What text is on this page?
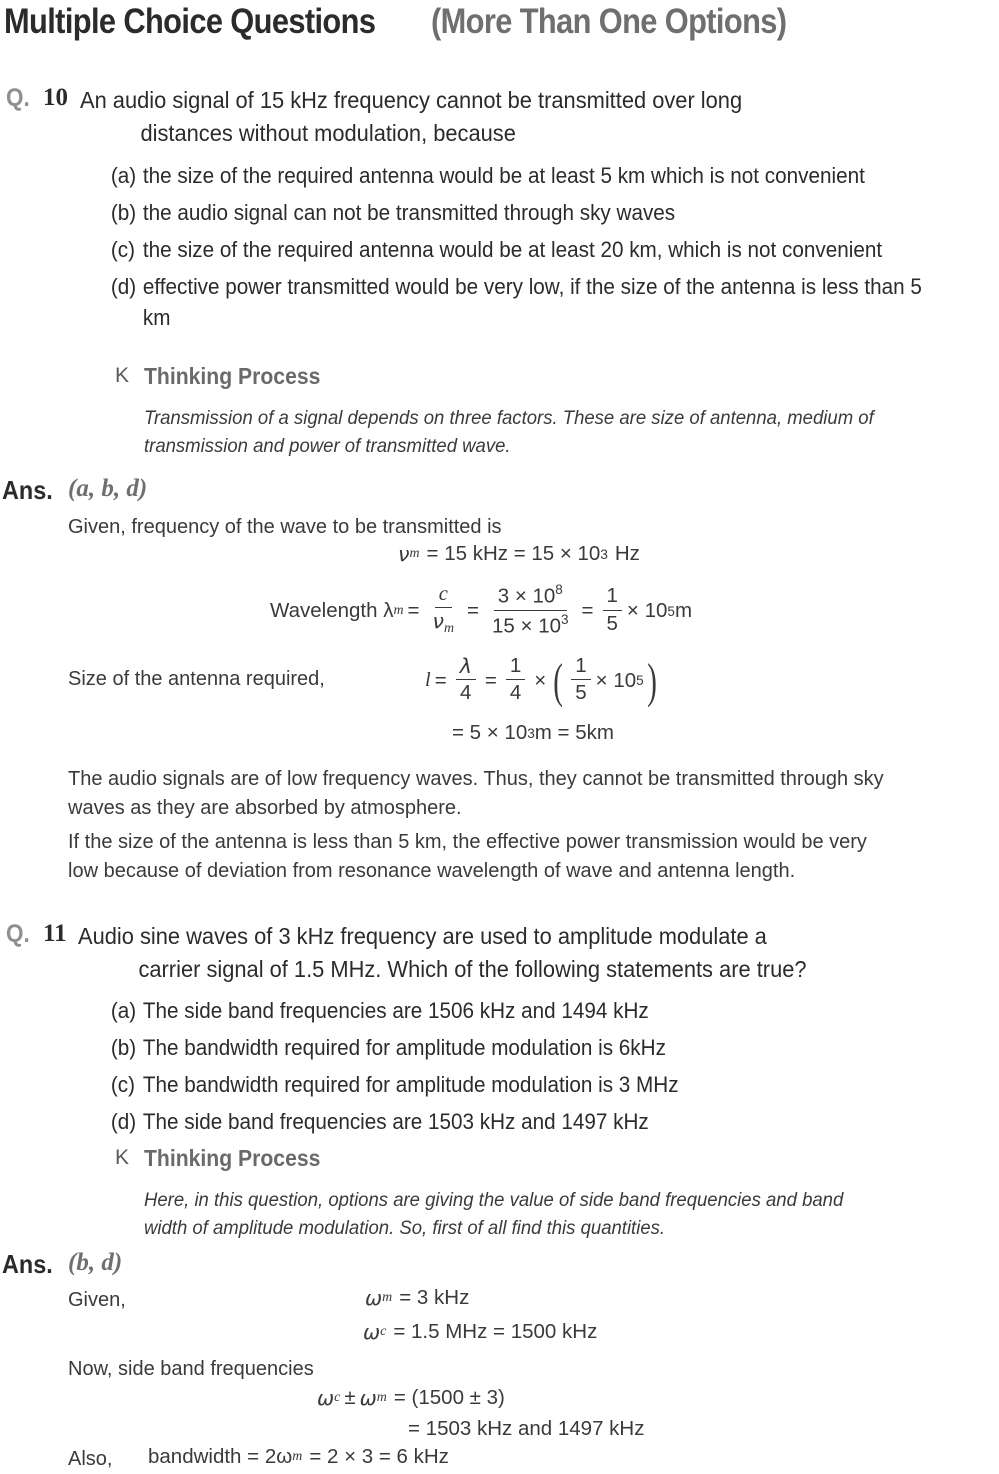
Multiple Choice Questions (More Than One Options)
Q. 10 An audio signal of 15 kHz frequency cannot be transmitted over long
distances without modulation, because
(a) the size of the required antenna would be at least 5 km which is not convenient
(b) the audio signal can not be transmitted through sky waves
(c) the size of the required antenna would be at least 20 km, which is not convenient
(d) effective power transmitted would be very low, if the size of the antenna is less than 5 km
K Thinking Process
Transmission of a signal depends on three factors. These are size of antenna, medium of
transmission and power of transmitted wave.
Ans. (a, b, d)
Given, frequency of the wave to be transmitted is
ν m = 15 kHz = 15 × 10 3 Hz
Wavelength λ $m = \frac{c}{\nu_m} = \frac{3 \times 10^8}{15 \times 10^3} = \frac{1}{5} \times 10$ 5 m
Size of the antenna required,	$l = \frac{\lambda}{4} = \frac{1}{4}$ × ( $\frac{1}{5} \times 10$ 5 )
= 5 × 10 3 m = 5km
The audio signals are of low frequency waves. Thus, they cannot be transmitted through sky
waves as they are absorbed by atmosphere.
If the size of the antenna is less than 5 km, the effective power transmission would be very
low because of deviation from resonance wavelength of wave and antenna length.
Q. 11 Audio sine waves of 3 kHz frequency are used to amplitude modulate a
carrier signal of 1.5 MHz. Which of the following statements are true?
(a) The side band frequencies are 1506 kHz and 1494 kHz
(b) The bandwidth required for amplitude modulation is 6kHz
(c) The bandwidth required for amplitude modulation is 3 MHz
(d) The side band frequencies are 1503 kHz and 1497 kHz
K Thinking Process
Here, in this question, options are giving the value of side band frequencies and band
width of amplitude modulation. So, first of all find this quantities.
Ans. (b, d)
Given,	ω m = 3 kHz
ω c = 1.5 MHz = 1500 kHz
Now, side band frequencies
ω c ± ω m = (1500 ± 3)
= 1503 kHz and 1497 kHz
Also, bandwidth = 2ω m = 2 × 3 = 6 kHz
